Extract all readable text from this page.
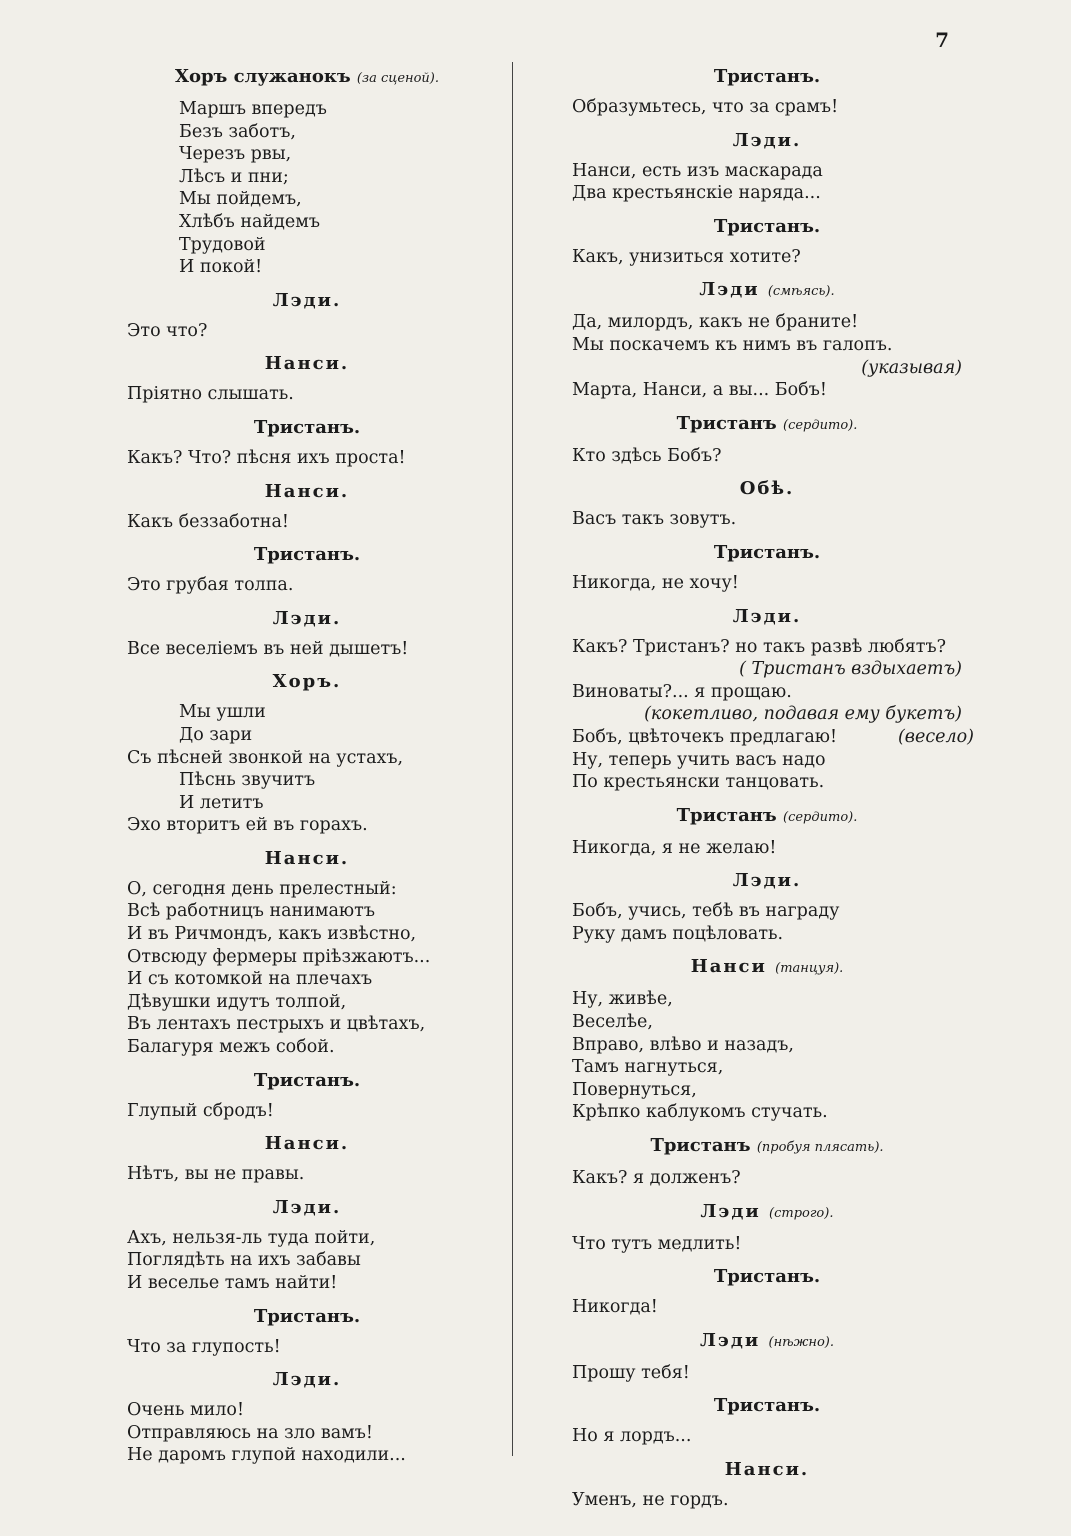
7
Хоръ служанокъ (за сценой).
Маршъ впередъ
Безъ заботъ,
Черезъ рвы,
Лѣсъ и пни;
Мы пойдемъ,
Хлѣбъ найдемъ
Трудовой
И покой!
Лэди.
Это что?
Нанси.
Пріятно слышать.
Тристанъ.
Какъ? Что? пѣсня ихъ проста!
Нанси.
Какъ беззаботна!
Тристанъ.
Это грубая толпа.
Лэди.
Все веселіемъ въ ней дышетъ!
Хоръ.
Мы ушли
До зари
Съ пѣсней звонкой на устахъ,
Пѣснь звучитъ
И летитъ
Эхо вторитъ ей въ горахъ.
Нанси.
О, сегодня день прелестный:
Всѣ работницъ нанимаютъ
И въ Ричмондъ, какъ извѣстно,
Отвсюду фермеры пріѣзжаютъ...
И съ котомкой на плечахъ
Дѣвушки идутъ толпой,
Въ лентахъ пестрыхъ и цвѣтахъ,
Балагуря межъ собой.
Тристанъ.
Глупый сбродъ!
Нанси.
Нѣтъ, вы не правы.
Лэди.
Ахъ, нельзя-ль туда пойти,
Поглядѣть на ихъ забавы
И веселье тамъ найти!
Тристанъ.
Что за глупость!
Лэди.
Очень мило!
Отправляюсь на зло вамъ!
Не даромъ глупой находили...
Тристанъ.
Образумьтесь, что за срамъ!
Лэди.
Нанси, есть изъ маскарада
Два крестьянскіе наряда...
Тристанъ.
Какъ, унизиться хотите?
Лэди (смѣясь).
Да, милордъ, какъ не браните!
Мы поскачемъ къ нимъ въ галопъ.
(указывая)
Марта, Нанси, а вы... Бобъ!
Тристанъ (сердито).
Кто здѣсь Бобъ?
Обѣ.
Васъ такъ зовутъ.
Тристанъ.
Никогда, не хочу!
Лэди.
Какъ? Тристанъ? но такъ развѣ любятъ?
( Тристанъ вздыхаетъ)
Виноваты?... я прощаю.
(кокетливо, подавая ему букетъ)
Бобъ, цвѣточекъ предлагаю!	(весело)
Ну, теперь учить васъ надо
По крестьянски танцовать.
Тристанъ (сердито).
Никогда, я не желаю!
Лэди.
Бобъ, учись, тебѣ въ награду
Руку дамъ поцѣловать.
Нанси (танцуя).
Ну, живѣе,
Веселѣе,
Вправо, влѣво и назадъ,
Тамъ нагнуться,
Повернуться,
Крѣпко каблукомъ стучать.
Тристанъ (пробуя плясать).
Какъ? я долженъ?
Лэди (строго).
Что тутъ медлить!
Тристанъ.
Никогда!
Лэди (нѣжно).
Прошу тебя!
Тристанъ.
Но я лордъ...
Нанси.
Уменъ, не гордъ.
